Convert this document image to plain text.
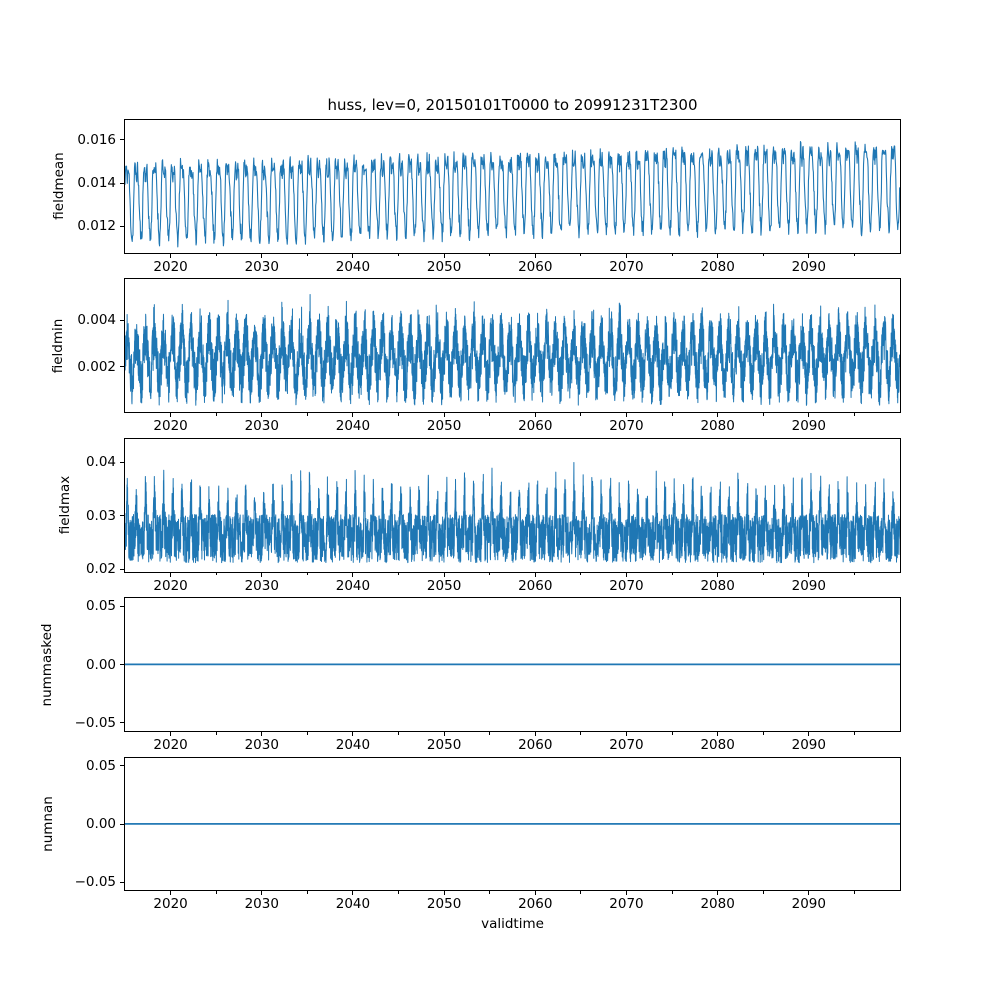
huss, lev=0, 20150101T0000 to 20991231T2300
0.012
0.014
0.016
2020	2030	2040	2050	2060	2070	2080	2090
fieldmean
0.002
0.004
2020	2030	2040	2050	2060	2070	2080	2090
fieldmin
0.02
0.03
0.04
2020	2030	2040	2050	2060	2070	2080	2090
fieldmax
0.05
0.00
−0.05
2020	2030	2040	2050	2060	2070	2080	2090
nummasked
0.05
0.00
−0.05
2020	2030	2040	2050	2060	2070	2080	2090
numnan
validtime
